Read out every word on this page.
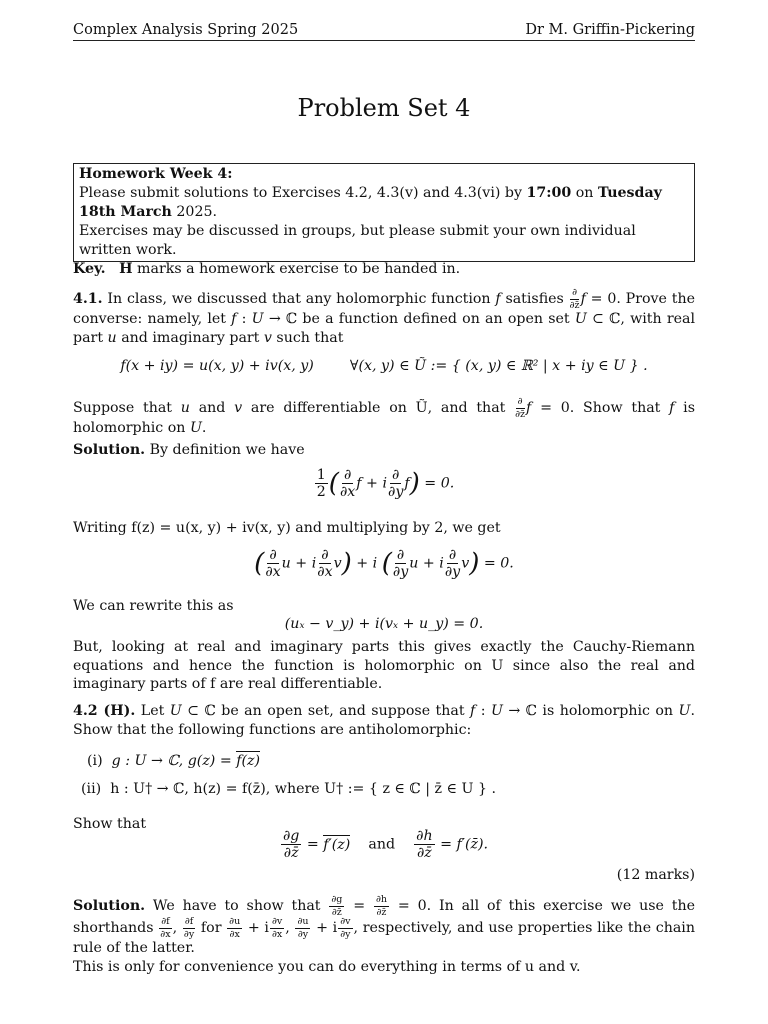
Complex Analysis Spring 2025	Dr M. Griffin-Pickering
Problem Set 4
Homework Week 4:
Please submit solutions to Exercises 4.2, 4.3(v) and 4.3(vi) by 17:00 on Tuesday 18th March 2025.
Exercises may be discussed in groups, but please submit your own individual written work.
Key. H marks a homework exercise to be handed in.
4.1. In class, we discussed that any holomorphic function f satisfies $\frac{\partial}{\partial z̄}$ f = 0. Prove the converse: namely, let f : U → ℂ be a function defined on an open set U ⊂ ℂ, with real part u and imaginary part v such that
f(x + iy) = u(x, y) + iv(x, y)	∀(x, y) ∈ Ũ := { (x, y) ∈ ℝ² | x + iy ∈ U } .
Suppose that u and v are differentiable on Ũ, and that $\frac{\partial}{\partial z̄}$ f = 0. Show that f is holomorphic on U.
Solution. By definition we have
$\frac{1}{2}$ ( $\frac{\partial}{\partial x}$ f + i $\frac{\partial}{\partial y} f) = 0$.
Writing f(z) = u(x, y) + iv(x, y) and multiplying by 2, we get
( $\frac{\partial}{\partial x}$ u + i $\frac{\partial}{\partial x} v) + i$ ( $\frac{\partial}{\partial y}$ u + i $\frac{\partial}{\partial y} v) = 0$.
We can rewrite this as
(uₓ − v_y) + i(vₓ + u_y) = 0.
But, looking at real and imaginary parts this gives exactly the Cauchy-Riemann equations and hence the function is holomorphic on U since also the real and imaginary parts of f are real differentiable.
4.2 (H). Let U ⊂ ℂ be an open set, and suppose that f : U → ℂ is holomorphic on U. Show that the following functions are antiholomorphic:
(i) g : U → ℂ, g(z) = f(z)
(ii) h : U† → ℂ, h(z) = f(z̄), where U† := { z ∈ ℂ | z̄ ∈ U } .
Show that
$\frac{\partial g}{\partial z̄} = f'(z)$ and $\frac{\partial h}{\partial z̄}$ = f′(z̄).
(12 marks)
Solution. We have to show that $\frac{\partial g}{\partial z̄} = \frac{\partial h}{\partial z̄} = 0$. In all of this exercise we use the shorthands $\frac{\partial f}{\partial x}$ , $\frac{\partial f}{\partial y}$ for $\frac{\partial u}{\partial x} + i \frac{\partial v}{\partial x}$ , $\frac{\partial u}{\partial y} + i \frac{\partial v}{\partial y}$ , respectively, and use properties like the chain rule of the latter.
This is only for convenience you can do everything in terms of u and v.
